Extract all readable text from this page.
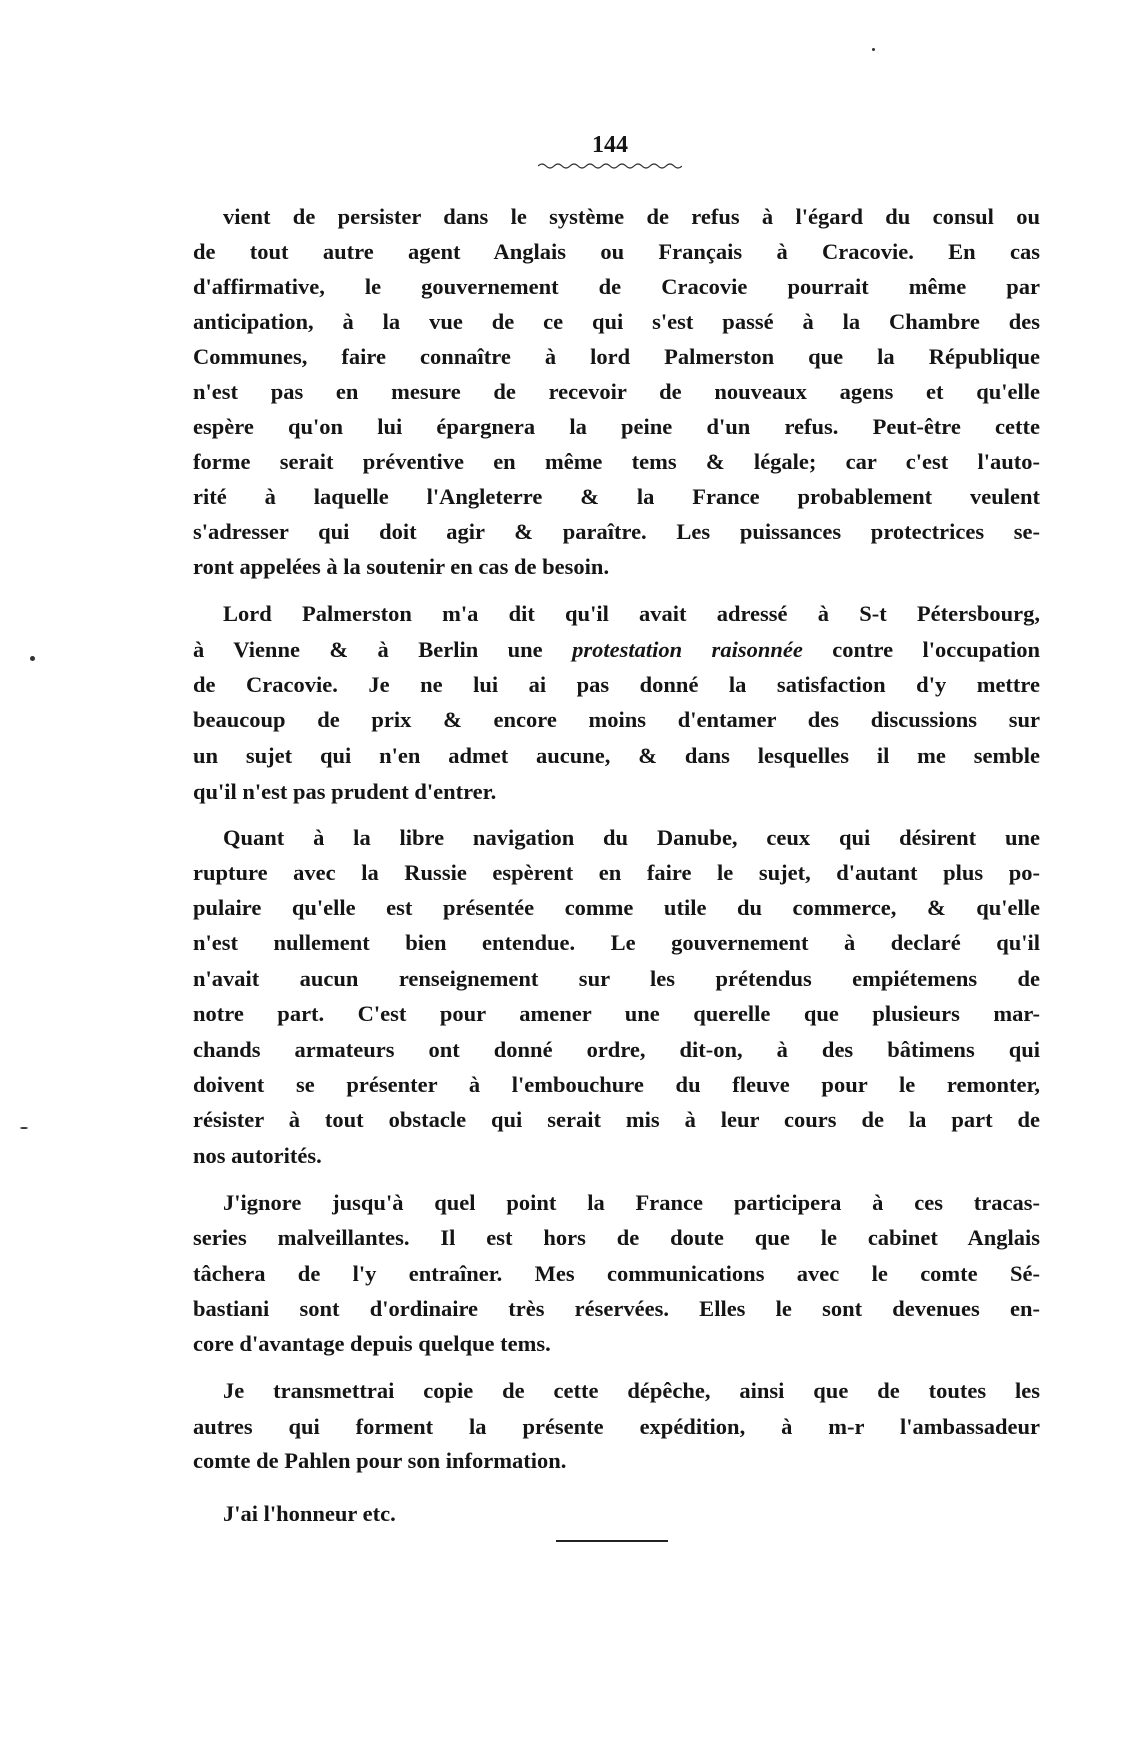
144
vient de persister dans le système de refus à l'égard du consul ou
de tout autre agent Anglais ou Français à Cracovie. En cas
d'affirmative, le gouvernement de Cracovie pourrait même par
anticipation, à la vue de ce qui s'est passé à la Chambre des
Communes, faire connaître à lord Palmerston que la République
n'est pas en mesure de recevoir de nouveaux agens et qu'elle
espère qu'on lui épargnera la peine d'un refus. Peut-être cette
forme serait préventive en même tems & légale; car c'est l'auto-
rité à laquelle l'Angleterre & la France probablement veulent
s'adresser qui doit agir & paraître. Les puissances protectrices se-
ront appelées à la soutenir en cas de besoin.
Lord Palmerston m'a dit qu'il avait adressé à S-t Pétersbourg,
à Vienne & à Berlin une protestation raisonnée contre l'occupation
de Cracovie. Je ne lui ai pas donné la satisfaction d'y mettre
beaucoup de prix & encore moins d'entamer des discussions sur
un sujet qui n'en admet aucune, & dans lesquelles il me semble
qu'il n'est pas prudent d'entrer.
Quant à la libre navigation du Danube, ceux qui désirent une
rupture avec la Russie espèrent en faire le sujet, d'autant plus po-
pulaire qu'elle est présentée comme utile du commerce, & qu'elle
n'est nullement bien entendue. Le gouvernement à declaré qu'il
n'avait aucun renseignement sur les prétendus empiétemens de
notre part. C'est pour amener une querelle que plusieurs mar-
chands armateurs ont donné ordre, dit-on, à des bâtimens qui
doivent se présenter à l'embouchure du fleuve pour le remonter,
résister à tout obstacle qui serait mis à leur cours de la part de
nos autorités.
J'ignore jusqu'à quel point la France participera à ces tracas-
series malveillantes. Il est hors de doute que le cabinet Anglais
tâchera de l'y entraîner. Mes communications avec le comte Sé-
bastiani sont d'ordinaire très réservées. Elles le sont devenues en-
core d'avantage depuis quelque tems.
Je transmettrai copie de cette dépêche, ainsi que de toutes les
autres qui forment la présente expédition, à m-r l'ambassadeur
comte de Pahlen pour son information.
J'ai l'honneur etc.
